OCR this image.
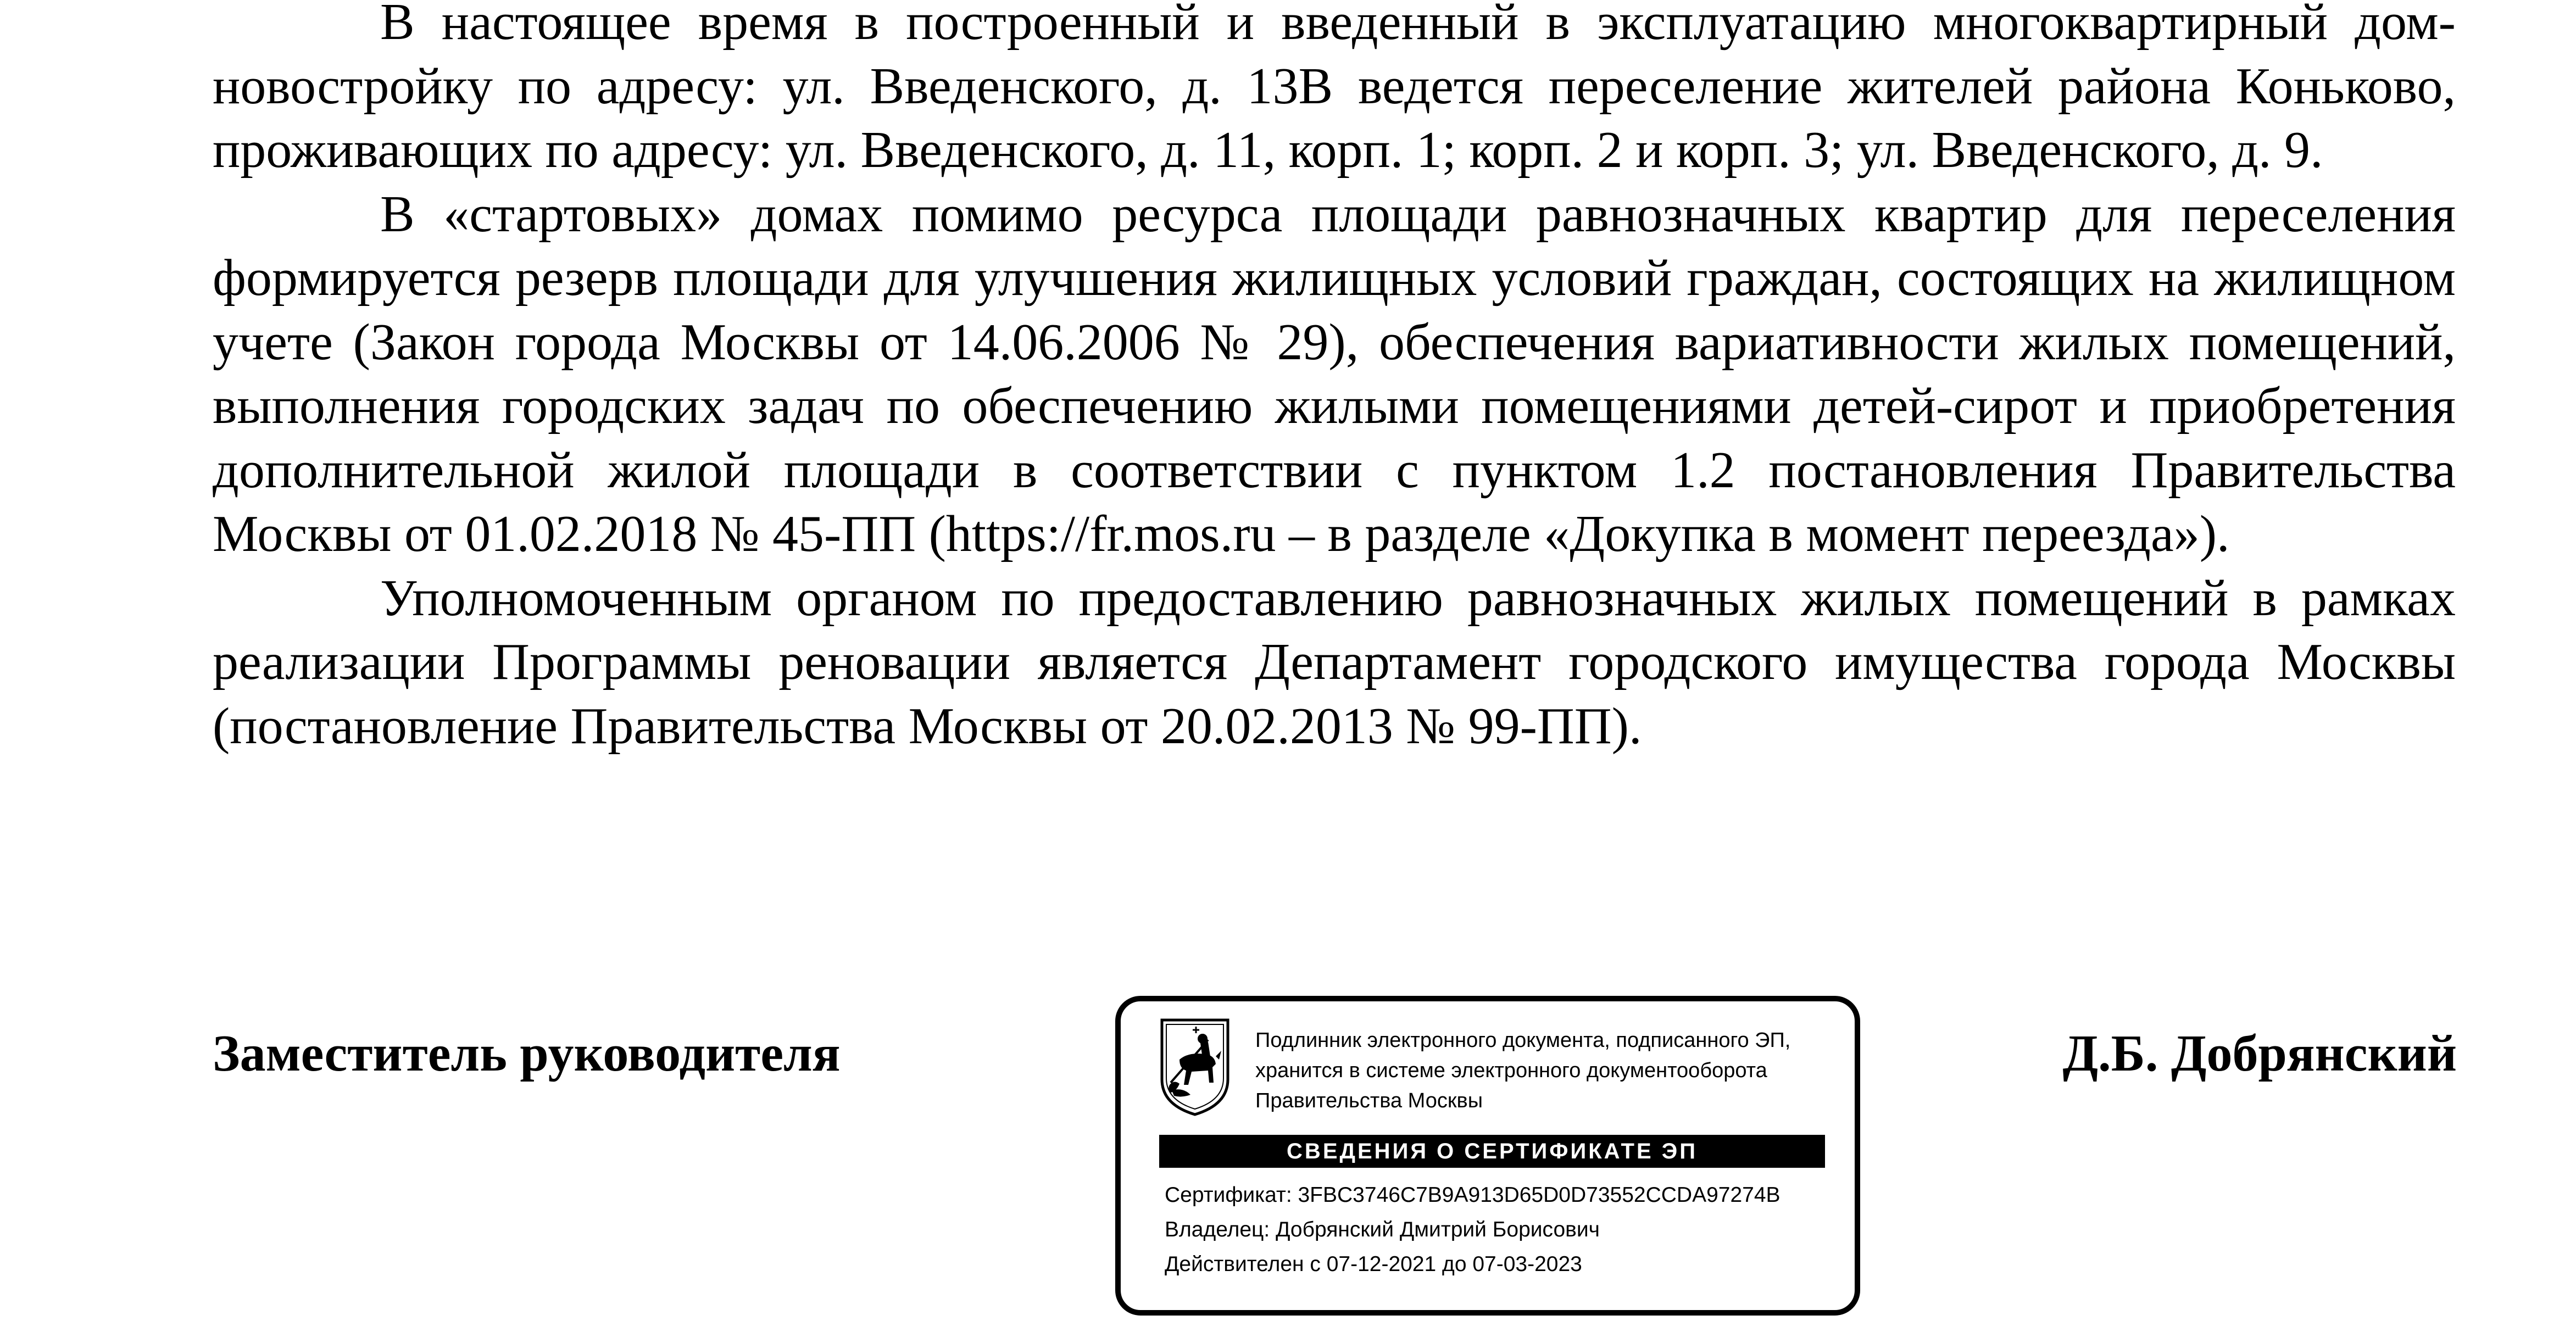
В настоящее время в построенный и введенный в эксплуатацию многоквартирный дом-новостройку по адресу: ул. Введенского, д. 13В ведется переселение жителей района Коньково, проживающих по адресу: ул. Введенского, д. 11, корп. 1; корп. 2 и корп. 3; ул. Введенского, д. 9.

В «стартовых» домах помимо ресурса площади равнозначных квартир для переселения формируется резерв площади для улучшения жилищных условий граждан, состоящих на жилищном учете (Закон города Москвы от 14.06.2006 № 29), обеспечения вариативности жилых помещений, выполнения городских задач по обеспечению жилыми помещениями детей-сирот и приобретения дополнительной жилой площади в соответствии с пунктом 1.2 постановления Правительства Москвы от 01.02.2018 № 45-ПП (https://fr.mos.ru – в разделе «Докупка в момент переезда»).

Уполномоченным органом по предоставлению равнозначных жилых помещений в рамках реализации Программы реновации является Департамент городского имущества города Москвы (постановление Правительства Москвы от 20.02.2013 № 99-ПП).

Заместитель руководителя	Подлинник электронного документа, подписанного ЭП,
хранится в системе электронного документооборота
Правительства Москвы
СВЕДЕНИЯ О СЕРТИФИКАТЕ ЭП

Сертификат: 3FBC3746C7B9A913D65D0D73552CCDA97274B

Владелец: Добрянский Дмитрий Борисович

Действителен с 07-12-2021 до 07-03-2023

Д.Б. Добрянский
